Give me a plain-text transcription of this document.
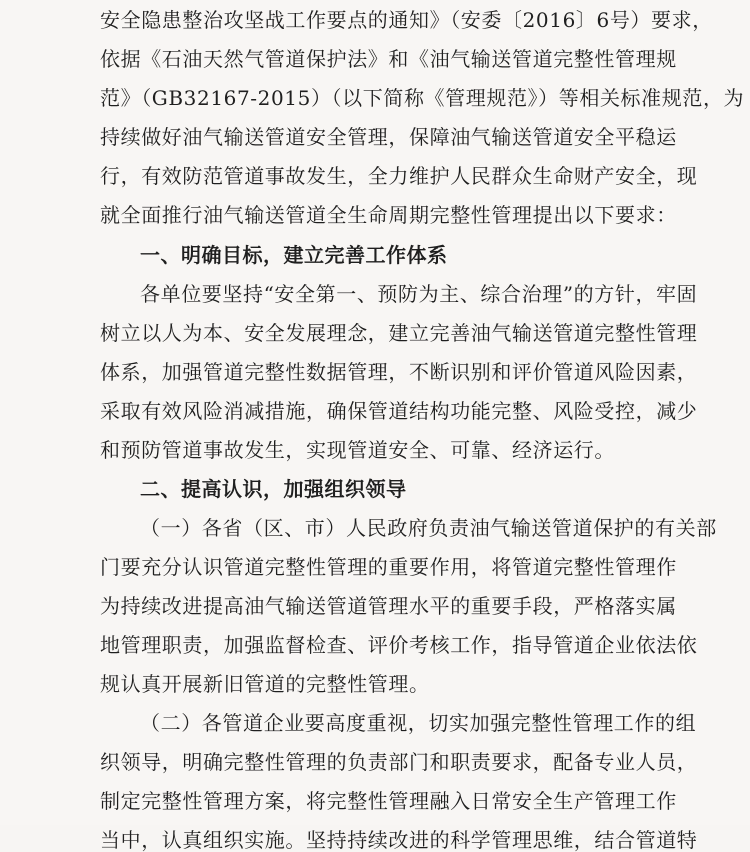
安全隐患整治攻坚战工作要点的通知》（安委〔2016〕6号）要求，
依据《石油天然气管道保护法》和《油气输送管道完整性管理规
范》（GB32167-2015）（以下简称《管理规范》）等相关标准规范，为
持续做好油气输送管道安全管理，保障油气输送管道安全平稳运
行，有效防范管道事故发生，全力维护人民群众生命财产安全，现
就全面推行油气输送管道全生命周期完整性管理提出以下要求：
一、明确目标，建立完善工作体系
各单位要坚持“安全第一、预防为主、综合治理”的方针，牢固
树立以人为本、安全发展理念，建立完善油气输送管道完整性管理
体系，加强管道完整性数据管理，不断识别和评价管道风险因素，
采取有效风险消减措施，确保管道结构功能完整、风险受控，减少
和预防管道事故发生，实现管道安全、可靠、经济运行。
二、提高认识，加强组织领导
（一）各省（区、市）人民政府负责油气输送管道保护的有关部
门要充分认识管道完整性管理的重要作用，将管道完整性管理作
为持续改进提高油气输送管道管理水平的重要手段，严格落实属
地管理职责，加强监督检查、评价考核工作，指导管道企业依法依
规认真开展新旧管道的完整性管理。
（二）各管道企业要高度重视，切实加强完整性管理工作的组
织领导，明确完整性管理的负责部门和职责要求，配备专业人员，
制定完整性管理方案，将完整性管理融入日常安全生产管理工作
当中，认真组织实施。坚持持续改进的科学管理思维，结合管道特
